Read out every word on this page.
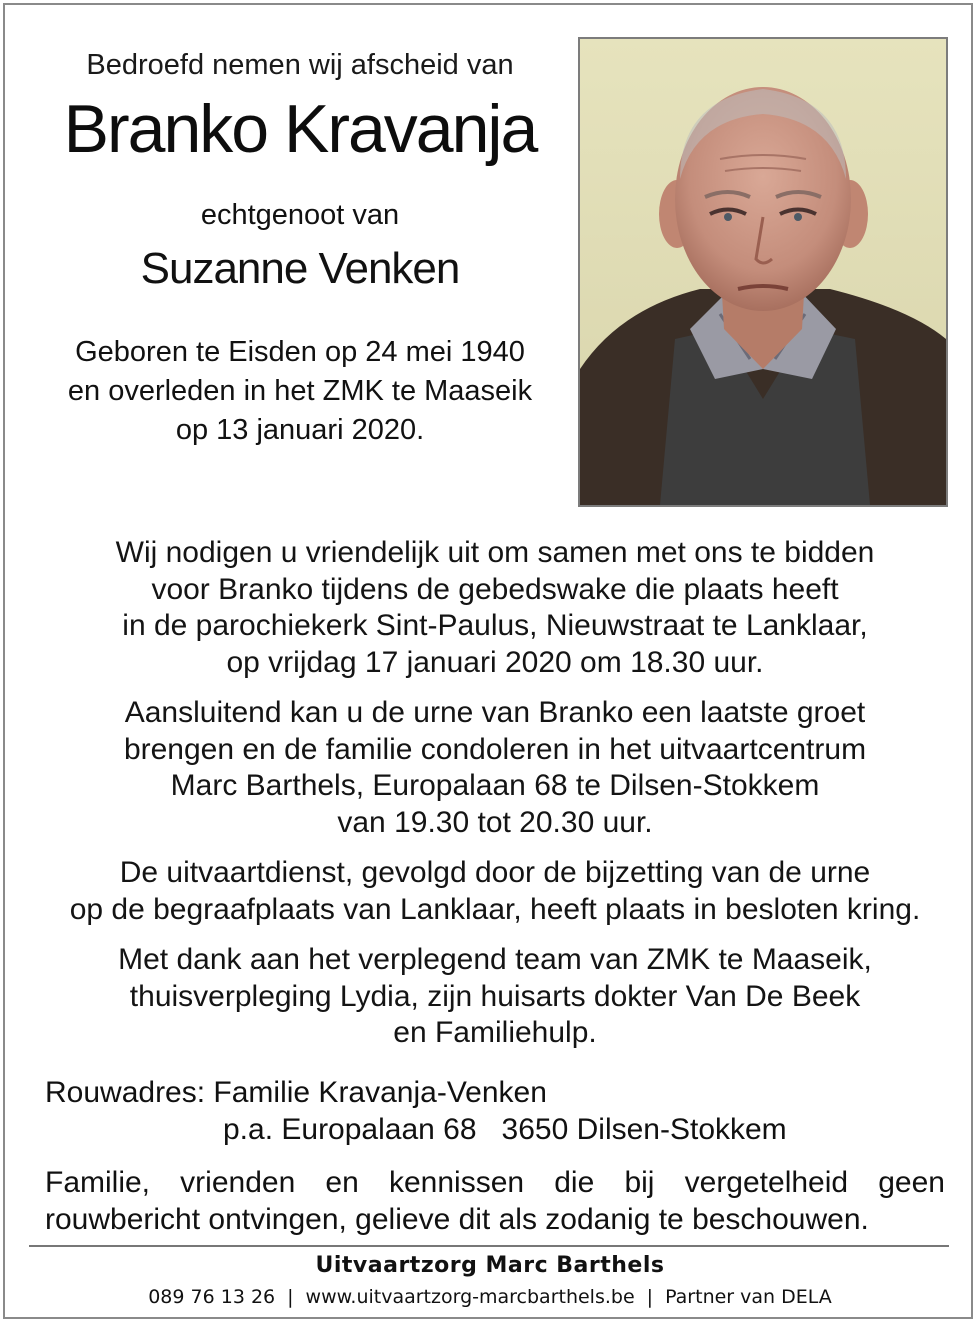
Bedroefd nemen wij afscheid van
Branko Kravanja
echtgenoot van
Suzanne Venken
Geboren te Eisden op 24 mei 1940
en overleden in het ZMK te Maaseik
op 13 januari 2020.

Wij nodigen u vriendelijk uit om samen met ons te bidden
voor Branko tijdens de gebedswake die plaats heeft
in de parochiekerk Sint-Paulus, Nieuwstraat te Lanklaar,
op vrijdag 17 januari 2020 om 18.30 uur.

Aansluitend kan u de urne van Branko een laatste groet
brengen en de familie condoleren in het uitvaartcentrum
Marc Barthels, Europalaan 68 te Dilsen-Stokkem
van 19.30 tot 20.30 uur.

De uitvaartdienst, gevolgd door de bijzetting van de urne
op de begraafplaats van Lanklaar, heeft plaats in besloten kring.

Met dank aan het verplegend team van ZMK te Maaseik,
thuisverpleging Lydia, zijn huisarts dokter Van De Beek
en Familiehulp.

Rouwadres: Familie Kravanja-Venken
p.a. Europalaan 68   3650 Dilsen-Stokkem
Familie, vrienden en kennissen die bij vergetelheid geen rouwbericht ontvingen, gelieve dit als zodanig te beschouwen.
Uitvaartzorg Marc Barthels
089 76 13 26 | www.uitvaartzorg-marcbarthels.be | Partner van DELA
